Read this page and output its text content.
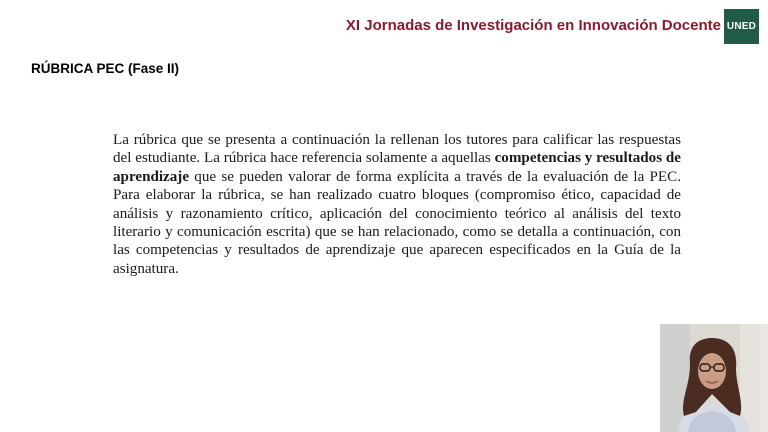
XI Jornadas de Investigación en Innovación Docente UNED
RÚBRICA PEC (Fase II)
La rúbrica que se presenta a continuación la rellenan los tutores para calificar las respuestas del estudiante. La rúbrica hace referencia solamente a aquellas competencias y resultados de aprendizaje que se pueden valorar de forma explícita a través de la evaluación de la PEC. Para elaborar la rúbrica, se han realizado cuatro bloques (compromiso ético, capacidad de análisis y razonamiento crítico, aplicación del conocimiento teórico al análisis del texto literario y comunicación escrita) que se han relacionado, como se detalla a continuación, con las competencias y resultados de aprendizaje que aparecen especificados en la Guía de la asignatura.
